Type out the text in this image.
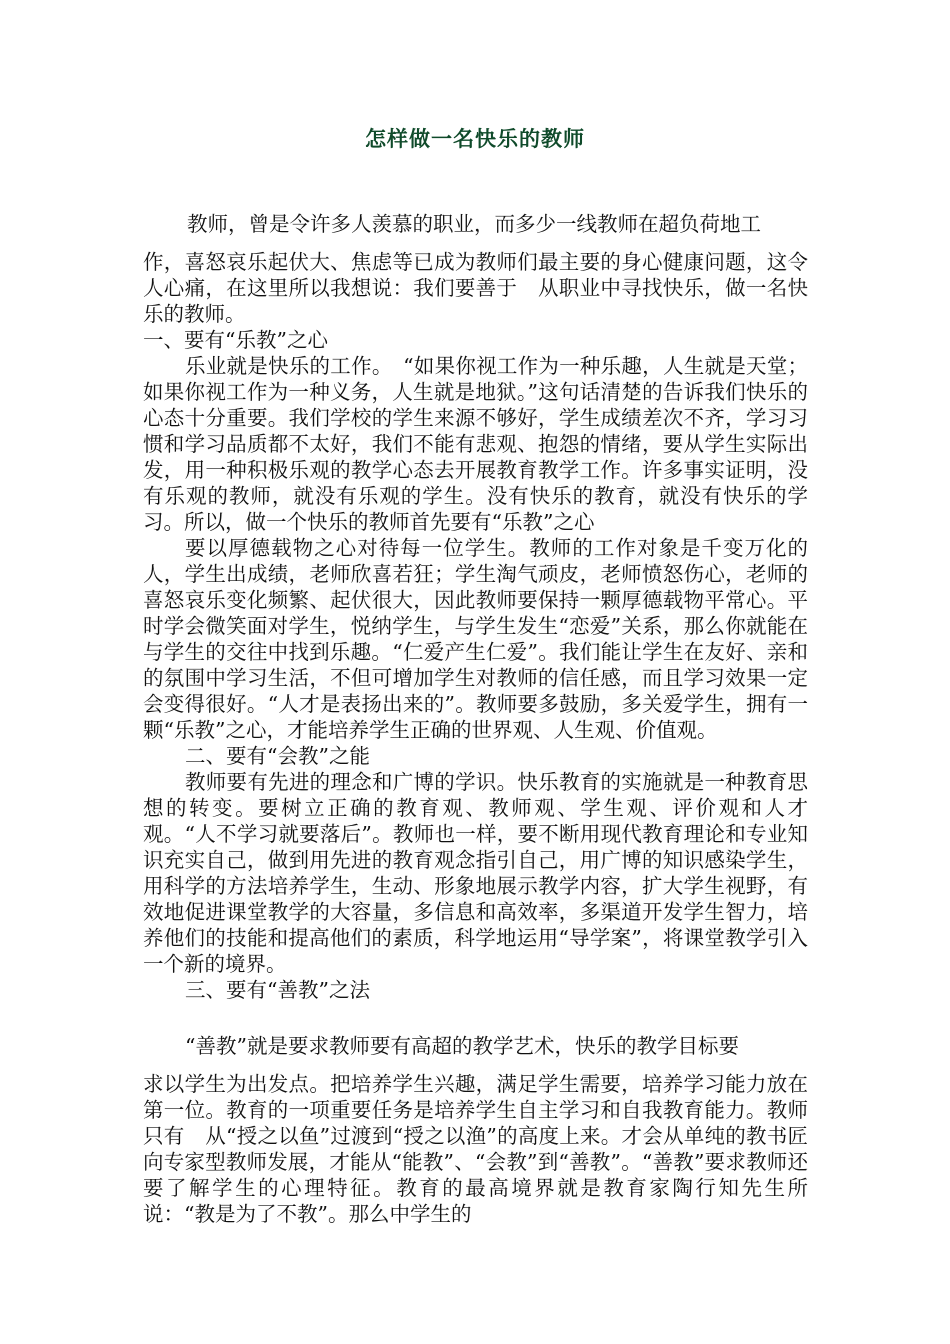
怎样做一名快乐的教师

教师，曾是令许多人羡慕的职业，而多少一线教师在超负荷地工

作，喜怒哀乐起伏大、焦虑等已成为教师们最主要的身心健康问题，这令人心痛，在这里所以我想说：我们要善于　从职业中寻找快乐，做一名快乐的教师。

一、要有“乐教”之心

乐业就是快乐的工作。　“如果你视工作为一种乐趣，人生就是天堂；如果你视工作为一种义务，人生就是地狱。”这句话清楚的告诉我们快乐的心态十分重要。我们学校的学生来源不够好，学生成绩差次不齐，学习习惯和学习品质都不太好，我们不能有悲观、抱怨的情绪，要从学生实际出发，用一种积极乐观的教学心态去开展教育教学工作。许多事实证明，没有乐观的教师，就没有乐观的学生。没有快乐的教育，就没有快乐的学习。所以，做一个快乐的教师首先要有“乐教”之心

要以厚德载物之心对待每一位学生。教师的工作对象是千变万化的人，学生出成绩，老师欣喜若狂；学生淘气顽皮，老师愤怒伤心，老师的喜怒哀乐变化频繁、起伏很大，因此教师要保持一颗厚德载物平常心。平时学会微笑面对学生，悦纳学生，与学生发生“恋爱”关系，那么你就能在与学生的交往中找到乐趣。“仁爱产生仁爱”。我们能让学生在友好、亲和的氛围中学习生活，不但可增加学生对教师的信任感，而且学习效果一定会变得很好。“人才是表扬出来的”。教师要多鼓励，多关爱学生，拥有一颗“乐教”之心，才能培养学生正确的世界观、人生观、价值观。

二、要有“会教”之能

教师要有先进的理念和广博的学识。快乐教育的实施就是一种教育思想的转变。要树立正确的教育观、教师观、学生观、评价观和人才观。“人不学习就要落后”。教师也一样，要不断用现代教育理论和专业知识充实自己，做到用先进的教育观念指引自己，用广博的知识感染学生，用科学的方法培养学生，生动、形象地展示教学内容，扩大学生视野，有效地促进课堂教学的大容量，多信息和高效率，多渠道开发学生智力，培养他们的技能和提高他们的素质，科学地运用“导学案”，将课堂教学引入一个新的境界。

三、要有“善教”之法

“善教”就是要求教师要有高超的教学艺术，快乐的教学目标要

求以学生为出发点。把培养学生兴趣，满足学生需要，培养学习能力放在第一位。教育的一项重要任务是培养学生自主学习和自我教育能力。教师只有　从“授之以鱼”过渡到“授之以渔”的高度上来。才会从单纯的教书匠向专家型教师发展，才能从“能教”、“会教”到“善教”。“善教”要求教师还要了解学生的心理特征。教育的最高境界就是教育家陶行知先生所说：“教是为了不教”。那么中学生的
